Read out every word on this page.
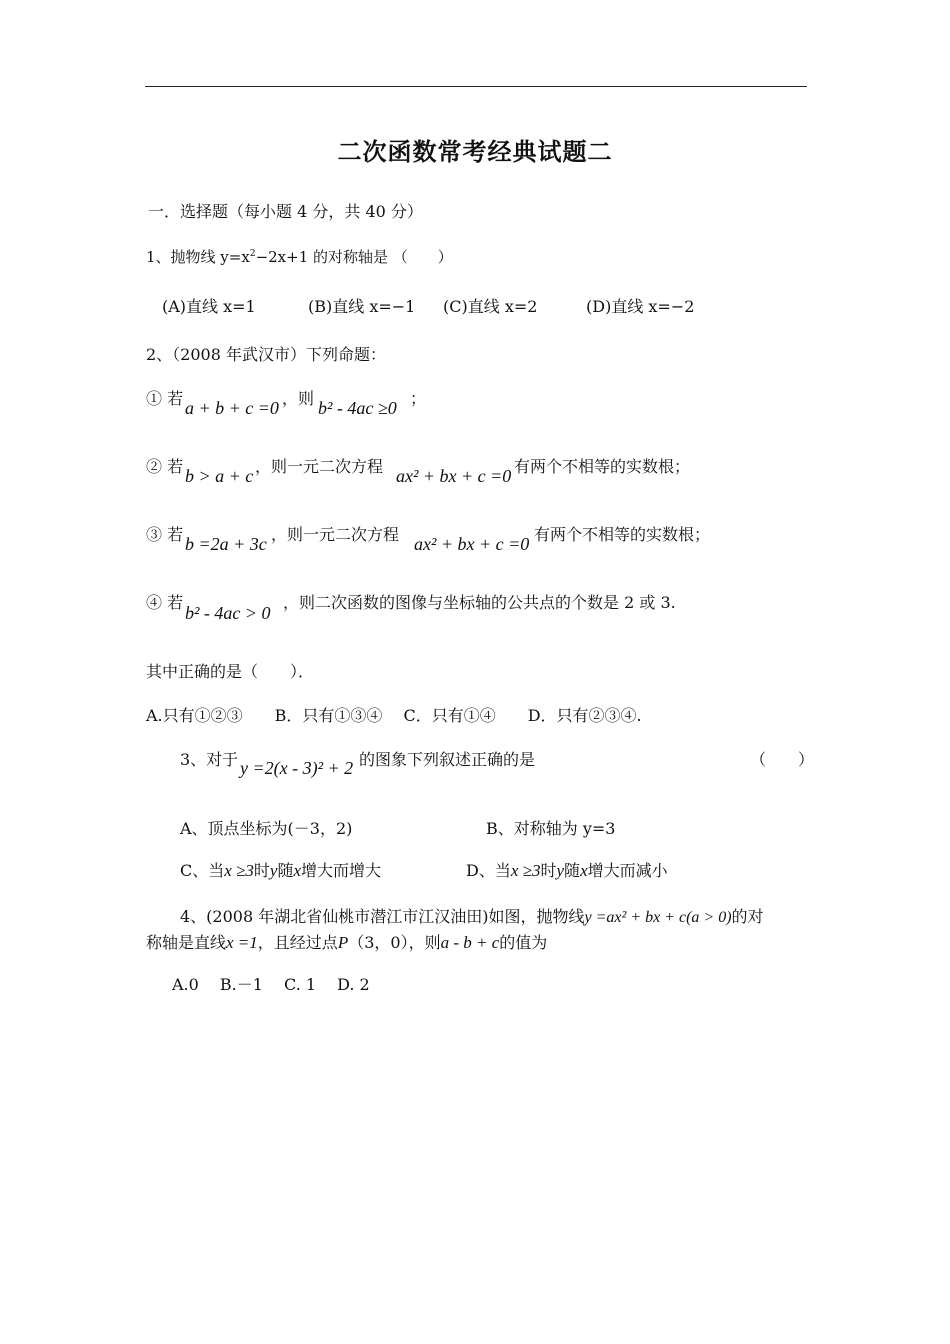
二次函数常考经典试题二
一．选择题（每小题 4 分，共 40 分）
1、抛物线 $y=x^2-2x+1$ 的对称轴是 （　　）
(A)直线 x=1	(B)直线 x=−1 (C)直线 x=2	(D)直线 x=−2
2、（2008 年武汉市）下列命题：
① 若 a + b + c =0 ，则 b² - 4ac ≥0 ；
② 若 b > a + c ，则一元二次方程 ax² + bx + c =0 有两个不相等的实数根；
③ 若 b =2a + 3c ，则一元二次方程 ax² + bx + c =0 有两个不相等的实数根；
④ 若
b² - 4ac > 0
，则二次函数的图像与坐标轴的公共点的个数是 2 或 3.
其中正确的是（　　）．
A.只有①②③　　B．只有①③④　 C．只有①④　　D．只有②③④.
3、对于 y =2(x - 3)² + 2 的图象下列叙述正确的是	（　　）
A、顶点坐标为(－3，2)	B、对称轴为 y=3
C、当x ≥3时y随x增大而增大	D、当x ≥3时y随x增大而减小
4、(2008 年湖北省仙桃市潜江市江汉油田)如图，抛物线y =ax² + bx + c(a > 0)的对
称轴是直线x =1，且经过点P（3，0），则a - b + c的值为
A.0　 B.－1　 C. 1　 D. 2
